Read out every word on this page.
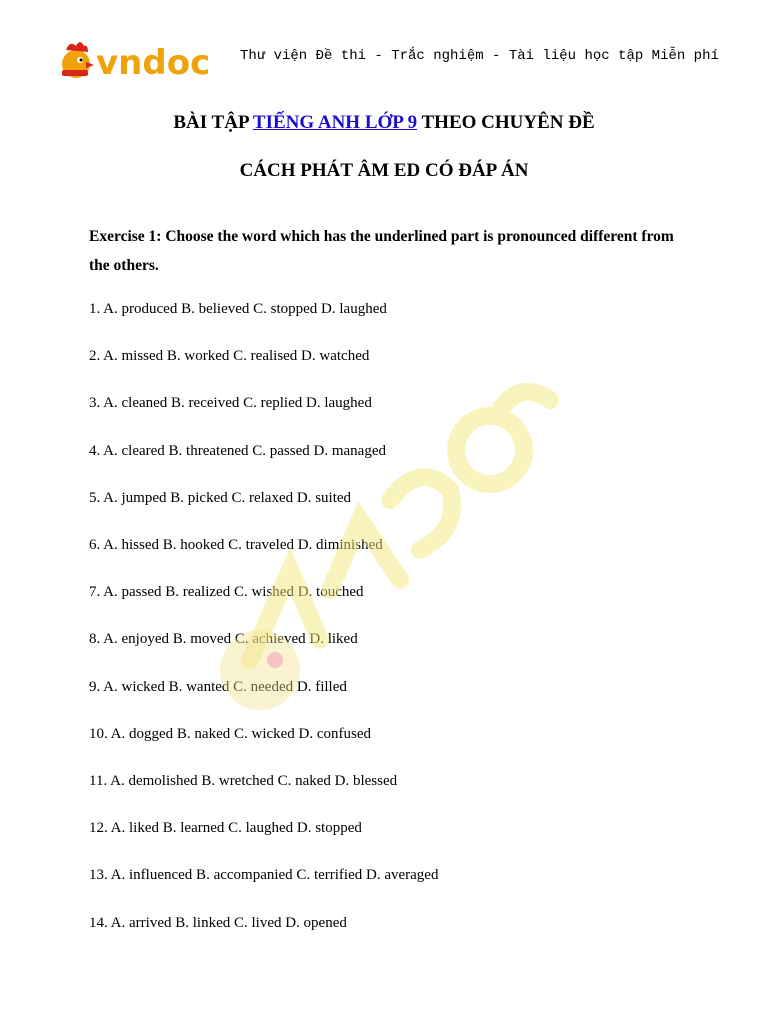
vndoc Thư viện Đề thi - Trắc nghiệm - Tài liệu học tập Miễn phí
BÀI TẬP TIẾNG ANH LỚP 9 THEO CHUYÊN ĐỀ
CÁCH PHÁT ÂM ED CÓ ĐÁP ÁN
Exercise 1: Choose the word which has the underlined part is pronounced different from the others.
1. A. produced B. believed C. stopped D. laughed
2. A. missed B. worked C. realised D. watched
3. A. cleaned B. received C. replied D. laughed
4. A. cleared B. threatened C. passed D. managed
5. A. jumped B. picked C. relaxed D. suited
6. A. hissed B. hooked C. traveled D. diminished
7. A. passed B. realized C. wished D. touched
8. A. enjoyed B. moved C. achieved D. liked
9. A. wicked B. wanted C. needed D. filled
10. A. dogged B. naked C. wicked D. confused
11. A. demolished B. wretched C. naked D. blessed
12. A. liked B. learned C. laughed D. stopped
13. A. influenced B. accompanied C. terrified D. averaged
14. A. arrived B. linked C. lived D. opened
